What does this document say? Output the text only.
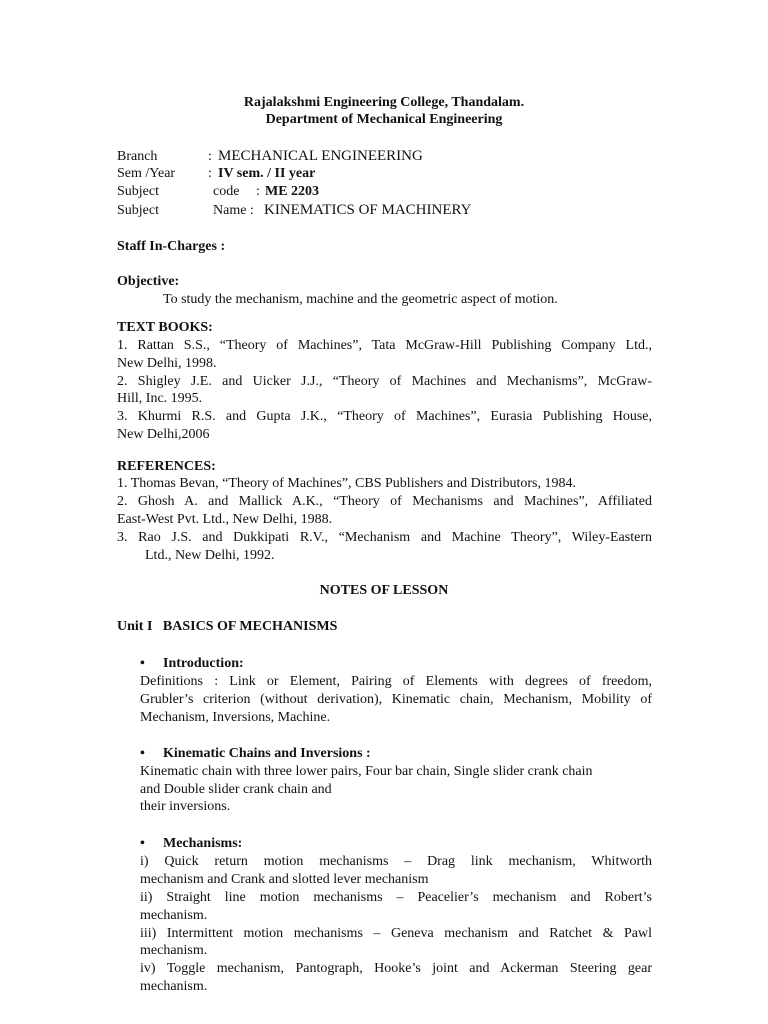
Rajalakshmi Engineering College, Thandalam.
Department of Mechanical Engineering
Branch	: MECHANICAL ENGINEERING
Sem /Year : IV sem. / II year
Subject	code : ME 2203
Subject	Name : KINEMATICS OF MACHINERY
Staff In-Charges :
Objective:
To study the mechanism, machine and the geometric aspect of motion.
TEXT BOOKS:
1. Rattan S.S., “Theory of Machines”, Tata McGraw-Hill Publishing Company Ltd.,
New Delhi, 1998.
2. Shigley J.E. and Uicker J.J., “Theory of Machines and Mechanisms”, McGraw-
Hill, Inc. 1995.
3. Khurmi R.S. and Gupta J.K., “Theory of Machines”, Eurasia Publishing House,
New Delhi,2006
REFERENCES:
1. Thomas Bevan, “Theory of Machines”, CBS Publishers and Distributors, 1984.
2. Ghosh A. and Mallick A.K., “Theory of Mechanisms and Machines”, Affiliated
East-West Pvt. Ltd., New Delhi, 1988.
3. Rao J.S. and Dukkipati R.V., “Mechanism and Machine Theory”, Wiley-Eastern
Ltd., New Delhi, 1992.
NOTES OF LESSON
Unit I   BASICS OF MECHANISMS
• Introduction:
Definitions : Link or Element, Pairing of Elements with degrees of freedom,
Grubler’s criterion (without derivation), Kinematic chain, Mechanism, Mobility of
Mechanism, Inversions, Machine.
• Kinematic Chains and Inversions :
Kinematic chain with three lower pairs, Four bar chain, Single slider crank chain
and Double slider crank chain and
their inversions.
• Mechanisms:
i) Quick return motion mechanisms – Drag link mechanism, Whitworth
mechanism and Crank and slotted lever mechanism
ii) Straight line motion mechanisms – Peacelier’s mechanism and Robert’s
mechanism.
iii) Intermittent motion mechanisms – Geneva mechanism and Ratchet & Pawl
mechanism.
iv) Toggle mechanism, Pantograph, Hooke’s joint and Ackerman Steering gear
mechanism.
